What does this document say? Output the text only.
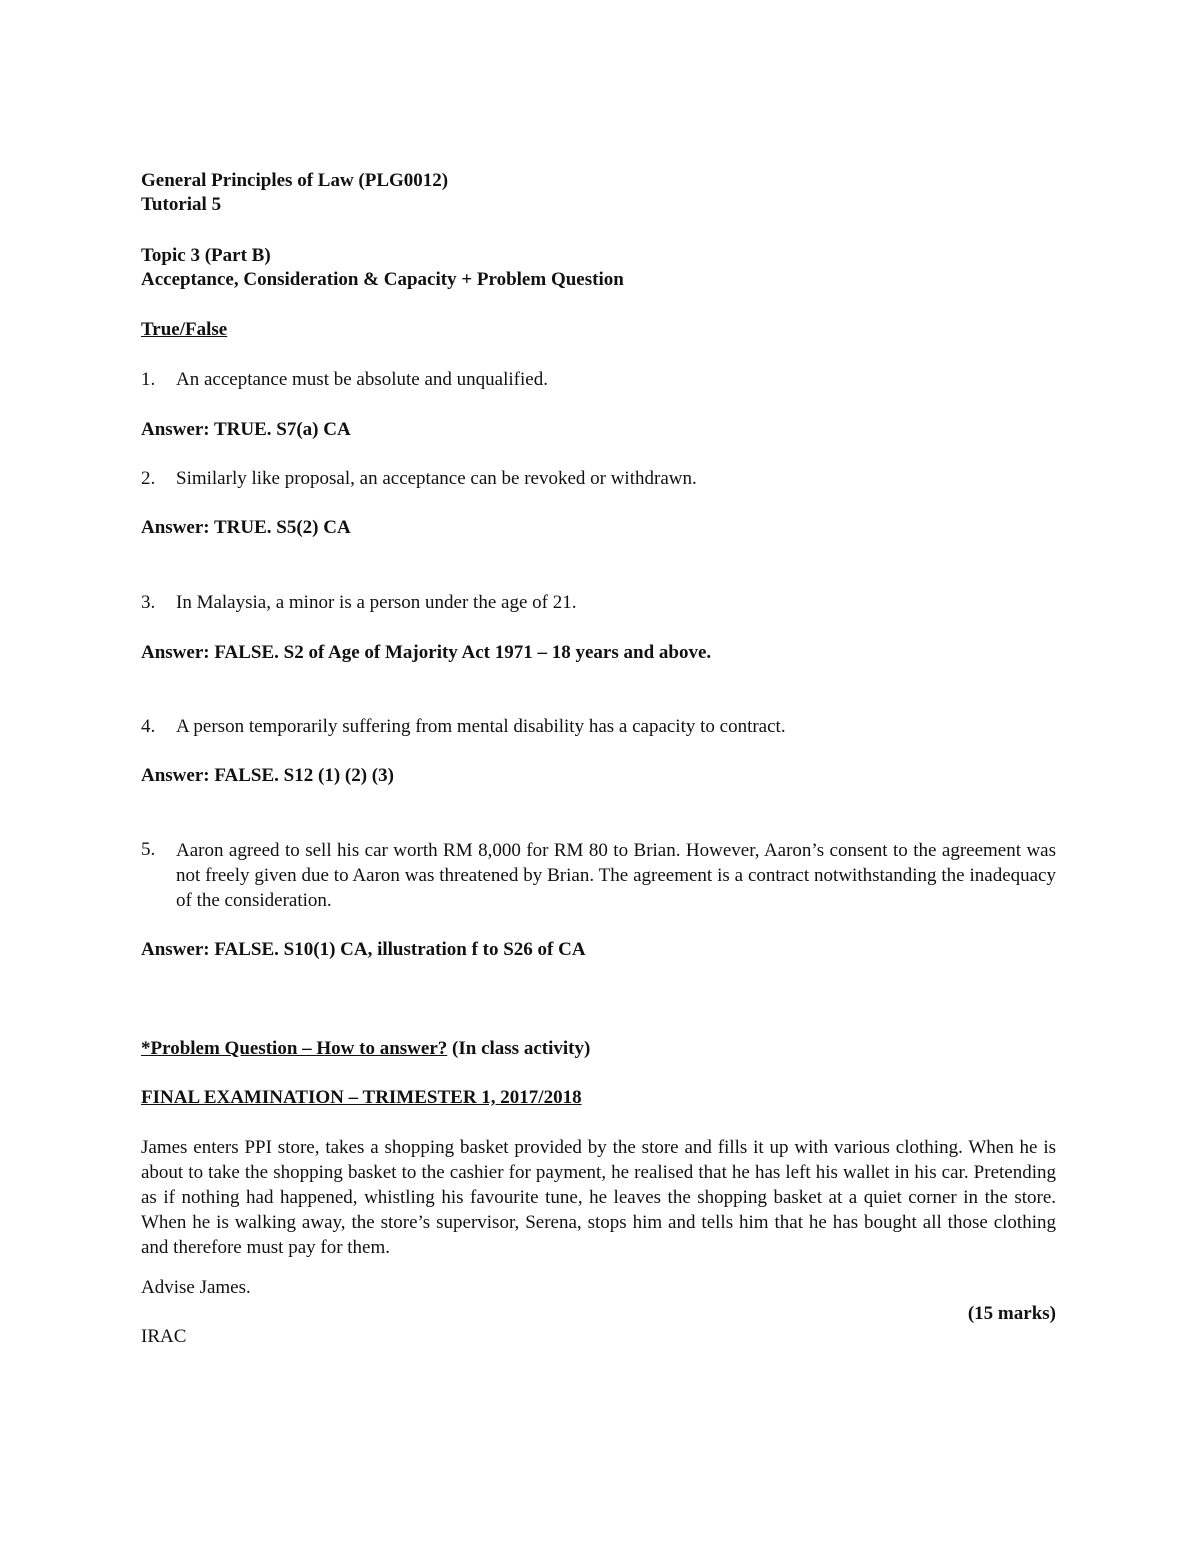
General Principles of Law (PLG0012)
Tutorial 5
Topic 3 (Part B)
Acceptance, Consideration & Capacity + Problem Question
True/False
1. An acceptance must be absolute and unqualified.
Answer: TRUE. S7(a) CA
2. Similarly like proposal, an acceptance can be revoked or withdrawn.
Answer: TRUE. S5(2) CA
3. In Malaysia, a minor is a person under the age of 21.
Answer: FALSE. S2 of Age of Majority Act 1971 – 18 years and above.
4. A person temporarily suffering from mental disability has a capacity to contract.
Answer: FALSE. S12 (1) (2) (3)
5. Aaron agreed to sell his car worth RM 8,000 for RM 80 to Brian. However, Aaron’s consent to the agreement was not freely given due to Aaron was threatened by Brian. The agreement is a contract notwithstanding the inadequacy of the consideration.
Answer: FALSE. S10(1) CA, illustration f to S26 of CA
*Problem Question – How to answer? (In class activity)
FINAL EXAMINATION – TRIMESTER 1, 2017/2018
James enters PPI store, takes a shopping basket provided by the store and fills it up with various clothing. When he is about to take the shopping basket to the cashier for payment, he realised that he has left his wallet in his car. Pretending as if nothing had happened, whistling his favourite tune, he leaves the shopping basket at a quiet corner in the store. When he is walking away, the store’s supervisor, Serena, stops him and tells him that he has bought all those clothing and therefore must pay for them.
Advise James.
(15 marks)
IRAC
